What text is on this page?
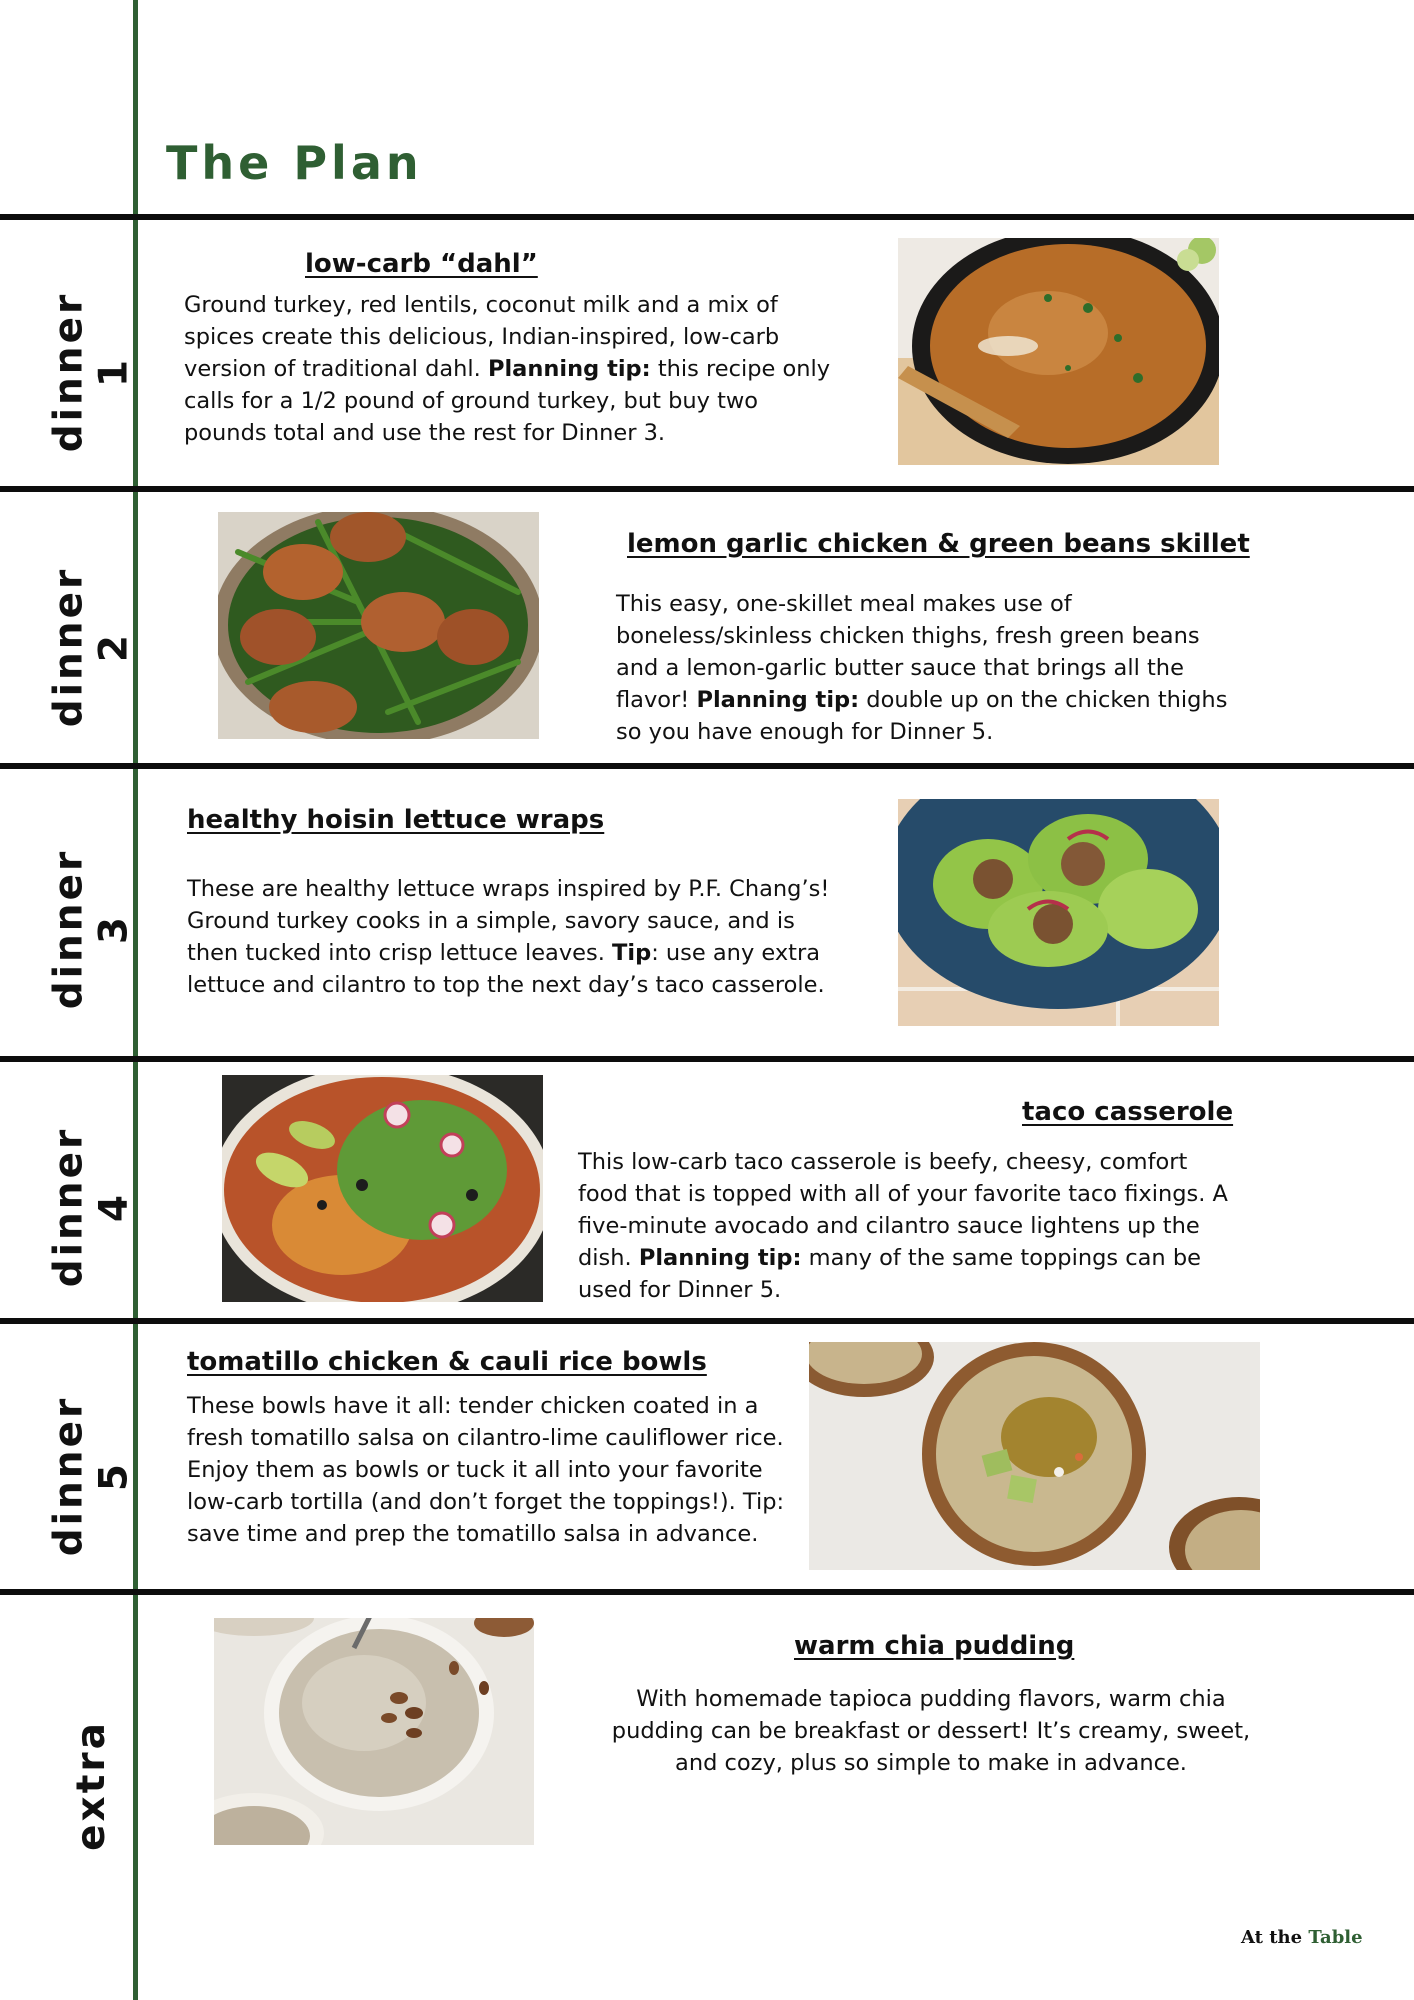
The Plan
dinner 1
low-carb “dahl”

Ground turkey, red lentils, coconut milk and a mix of spices create this delicious, Indian-inspired, low-carb version of traditional dahl. Planning tip: this recipe only calls for a 1/2 pound of ground turkey, but buy two pounds total and use the rest for Dinner 3.

dinner 2
lemon garlic chicken & green beans skillet

This easy, one-skillet meal makes use of boneless/skinless chicken thighs, fresh green beans and a lemon-garlic butter sauce that brings all the flavor! Planning tip: double up on the chicken thighs so you have enough for Dinner 5.

dinner 3
healthy hoisin lettuce wraps

These are healthy lettuce wraps inspired by P.F. Chang’s! Ground turkey cooks in a simple, savory sauce, and is then tucked into crisp lettuce leaves. Tip: use any extra lettuce and cilantro to top the next day’s taco casserole.

dinner 4
taco casserole

This low-carb taco casserole is beefy, cheesy, comfort food that is topped with all of your favorite taco fixings. A five-minute avocado and cilantro sauce lightens up the dish. Planning tip: many of the same toppings can be used for Dinner 5.

dinner 5
tomatillo chicken & cauli rice bowls

These bowls have it all: tender chicken coated in a fresh tomatillo salsa on cilantro-lime cauliflower rice. Enjoy them as bowls or tuck it all into your favorite low-carb tortilla (and don’t forget the toppings!). Tip: save time and prep the tomatillo salsa in advance.

extra
warm chia pudding

With homemade tapioca pudding flavors, warm chia pudding can be breakfast or dessert! It’s creamy, sweet, and cozy, plus so simple to make in advance.

At the Table
